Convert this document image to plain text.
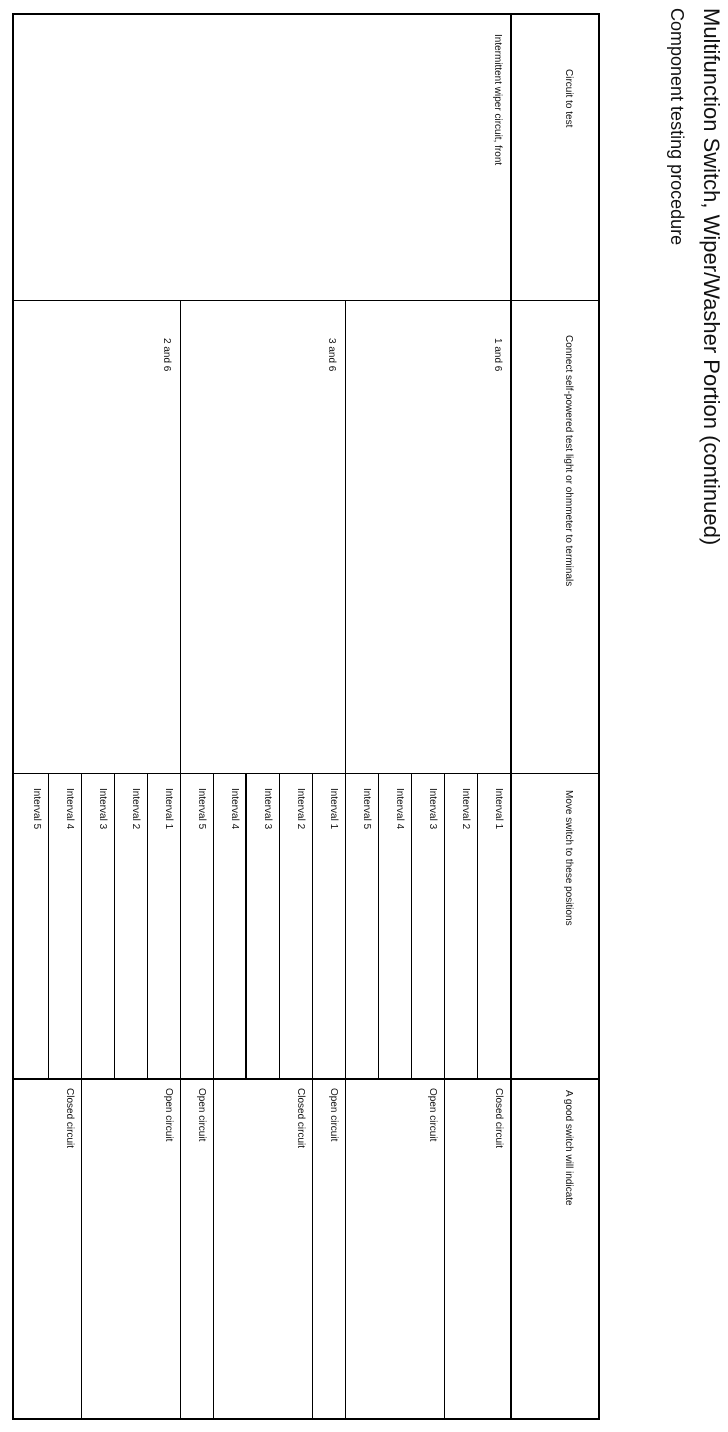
Multifunction Switch, Wiper/Washer Portion (continued)
Component testing procedure
Circuit to test
Connect self-powered test light or ohmmeter to terminals
Move switch to these positions
A good switch will indicate
Intermittent wiper circuit, front
1 and 6
3 and 6
2 and 6
Interval 1
Interval 2
Interval 3
Interval 4
Interval 5
Interval 1
Interval 2
Interval 3
Interval 4
Interval 5
Interval 1
Interval 2
Interval 3
Interval 4
Interval 5
Closed circuit
Open circuit
Open circuit
Closed circuit
Open circuit
Open circuit
Closed circuit
